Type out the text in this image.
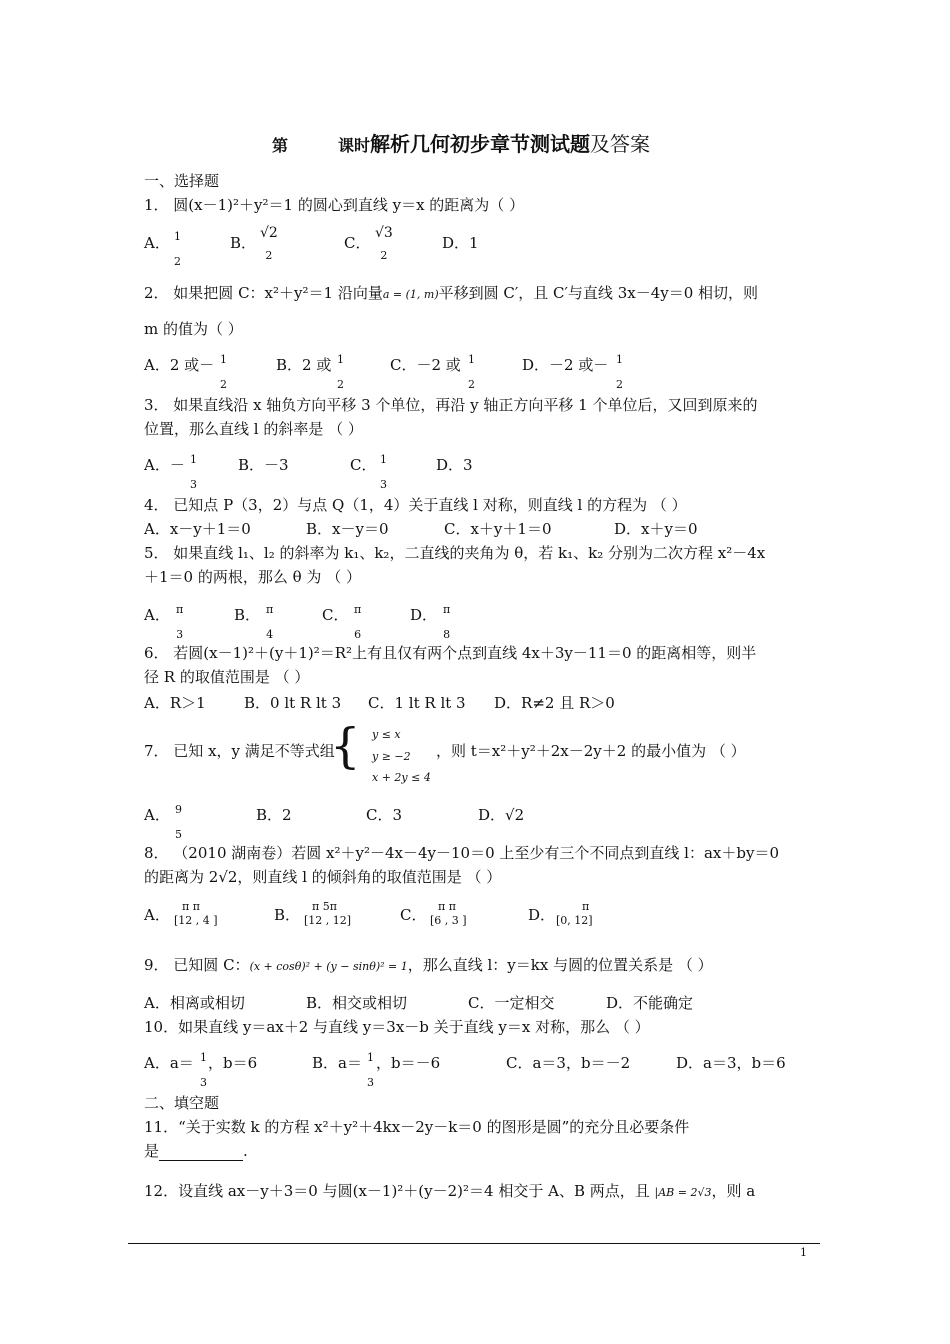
第	课时解析几何初步章节测试题及答案
一、选择题
1． 圆(x－1)²＋y²＝1 的圆心到直线 y＝x 的距离为（ ）
A． 1
2
B．
√2
2
C．
√3
2
D．1
2． 如果把圆 C：x²＋y²＝1 沿向量a = (1, m)平移到圆 C′，且 C′与直线 3x－4y＝0 相切，则
m 的值为（ ）
A．2 或－ 1
2
B．2 或 1
2
C．－2 或 1
2
D．－2 或－ 1
2
3． 如果直线沿 x 轴负方向平移 3 个单位，再沿 y 轴正方向平移 1 个单位后，又回到原来的
位置，那么直线 l 的斜率是 （ ）
A．－ 1
3
B．－3	C． 1
3
D．3
4． 已知点 P（3，2）与点 Q（1，4）关于直线 l 对称，则直线 l 的方程为 （ ）
A．x－y＋1＝0	B．x－y＝0	C．x＋y＋1＝0	D．x＋y＝0
5． 如果直线 l₁、l₂ 的斜率为 k₁、k₂，二直线的夹角为 θ，若 k₁、k₂ 分别为二次方程 x²－4x
＋1＝0 的两根，那么 θ 为 （ ）
A． π
3
B． π
4
C． π
6
D． π
8
6． 若圆(x－1)²＋(y＋1)²＝R²上有且仅有两个点到直线 4x＋3y－11＝0 的距离相等，则半
径 R 的取值范围是 （ ）
A．R＞1	B．0 lt R lt 3 C．1 lt R lt 3 D．R≠2 且 R＞0
7． 已知 x，y 满足不等式组
{ y ≤ x
y ≥ −2
x + 2y ≤ 4
，则 t＝x²＋y²＋2x－2y＋2 的最小值为 （ ）
A． 9
5
B．2	C．3	D．√2
8． （2010 湖南卷）若圆 x²＋y²－4x－4y－10＝0 上至少有三个不同点到直线 l：ax＋by＝0
的距离为 2√2，则直线 l 的倾斜角的取值范围是 （ ）
A． π π
[12 , 4 ]	B． π 5π
[12 , 12]	C． π π
[6 , 3 ]	D． π
[0, 12]
9． 已知圆 C：(x + cosθ)² + (y − sinθ)² = 1，那么直线 l：y＝kx 与圆的位置关系是 （ ）
A．相离或相切	B．相交或相切	C．一定相交	D．不能确定
10．如果直线 y＝ax＋2 与直线 y＝3x－b 关于直线 y＝x 对称，那么 （ ）
A．a＝ 1
3
，b＝6	B．a＝ 1
3
，b＝－6	C．a＝3，b＝－2	D．a＝3，b＝6
二、填空题
11．“关于实数 k 的方程 x²＋y²＋4kx－2y－k＝0 的图形是圆”的充分且必要条件
是	.
12．设直线 ax－y＋3＝0 与圆(x－1)²＋(y－2)²＝4 相交于 A、B 两点，且 |AB = 2√3，则 a
1
